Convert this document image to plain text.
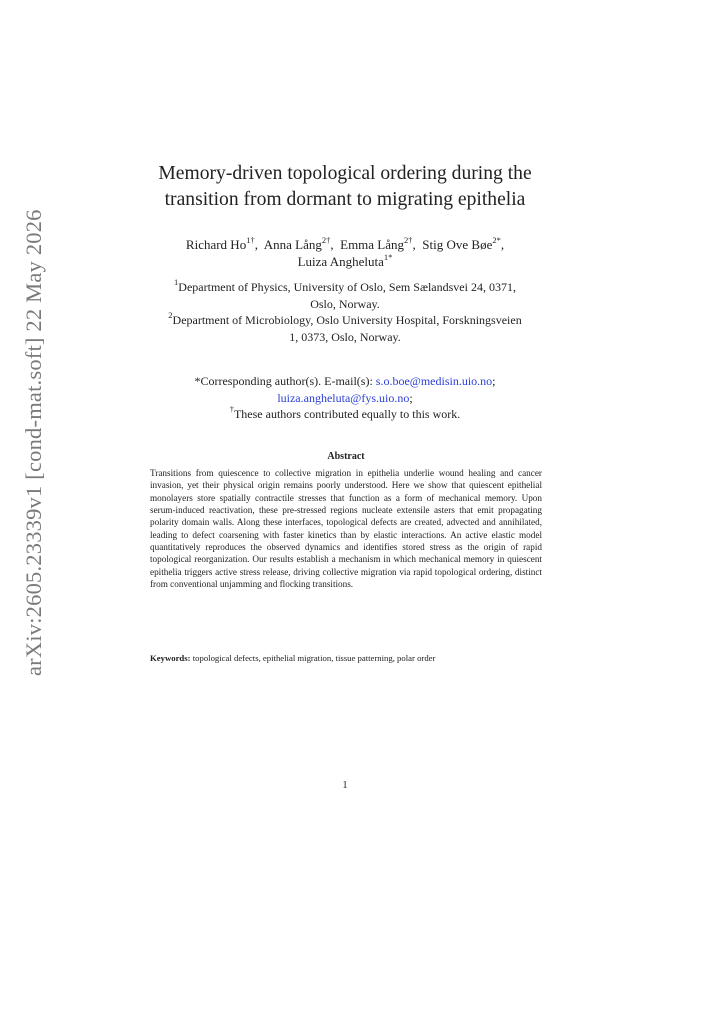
arXiv:2605.23339v1 [cond-mat.soft] 22 May 2026
Memory-driven topological ordering during the
transition from dormant to migrating epithelia
Richard $Ho^{1\dagger}$,  Anna Lång$^{2\dagger}$,  Emma Lång$^{2\dagger}$,  Stig Ove Bøe$^{2*}$,
Luiza Angheluta$^{1*}$
$^1$Department of Physics, University of Oslo, Sem Sælandsvei 24, 0371,
Oslo, Norway.
$^2$Department of Microbiology, Oslo University Hospital, Forskningsveien
1, 0373, Oslo, Norway.
*Corresponding author(s). E-mail(s): s.o.boe@medisin.uio.no;
luiza.angheluta@fys.uio.no;
†These authors contributed equally to this work.
Abstract

Transitions from quiescence to collective migration in epithelia underlie wound healing and cancer invasion, yet their physical origin remains poorly understood. Here we show that quiescent epithelial monolayers store spatially contractile stresses that function as a form of mechanical memory. Upon serum-induced reactivation, these pre-stressed regions nucleate extensile asters that emit propagating polarity domain walls. Along these interfaces, topological defects are created, advected and annihilated, leading to defect coarsening with faster kinetics than by elastic interactions. An active elastic model quantitatively reproduces the observed dynamics and identifies stored stress as the origin of rapid topological reorganization. Our results establish a mechanism in which mechanical memory in quiescent epithelia triggers active stress release, driving collective migration via rapid topological ordering, distinct from conventional unjamming and flocking transitions.

Keywords: topological defects, epithelial migration, tissue patterning, polar order
1
